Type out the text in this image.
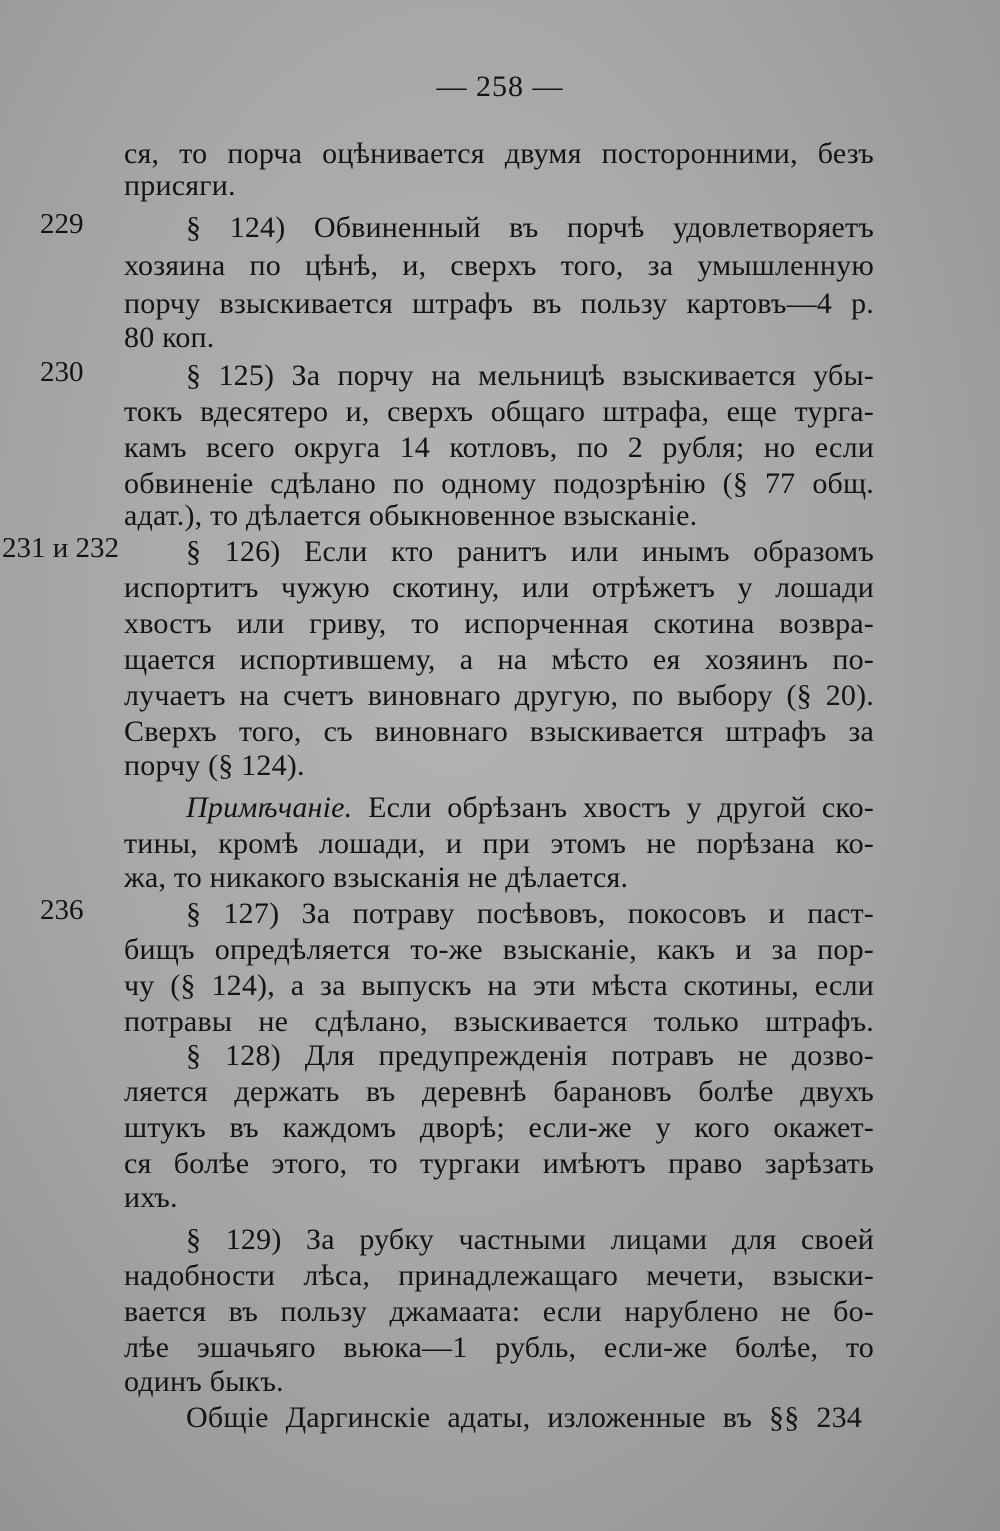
— 258 —
229
230
231 и 232
236
ся, то порча оцѣнивается двумя посторонними, безъ
присяги.
§ 124) Обвиненный въ порчѣ удовлетворяетъ
хозяина по цѣнѣ, и, сверхъ того, за умышленную
порчу взыскивается штрафъ въ пользу картовъ—4 р.
80 коп.
§ 125) За порчу на мельницѣ взыскивается убы-
токъ вдесятеро и, сверхъ общаго штрафа, еще турга-
камъ всего округа 14 котловъ, по 2 рубля; но если
обвиненіе сдѣлано по одному подозрѣнію (§ 77 общ.
адат.), то дѣлается обыкновенное взысканіе.
§ 126) Если кто ранитъ или инымъ образомъ
испортитъ чужую скотину, или отрѣжетъ у лошади
хвостъ или гриву, то испорченная скотина возвра-
щается испортившему, а на мѣсто ея хозяинъ по-
лучаетъ на счетъ виновнаго другую, по выбору (§ 20).
Сверхъ того, съ виновнаго взыскивается штрафъ за
порчу (§ 124).
Примѣчаніе. Если обрѣзанъ хвостъ у другой ско-
тины, кромѣ лошади, и при этомъ не порѣзана ко-
жа, то никакого взысканія не дѣлается.
§ 127) За потраву посѣвовъ, покосовъ и паст-
бищъ опредѣляется то-же взысканіе, какъ и за пор-
чу (§ 124), а за выпускъ на эти мѣста скотины, если
потравы не сдѣлано, взыскивается только штрафъ.
§ 128) Для предупрежденія потравъ не дозво-
ляется держать въ деревнѣ барановъ болѣе двухъ
штукъ въ каждомъ дворѣ; если-же у кого окажет-
ся болѣе этого, то тургаки имѣютъ право зарѣзать
ихъ.
§ 129) За рубку частными лицами для своей
надобности лѣса, принадлежащаго мечети, взыски-
вается въ пользу джамаата: если нарублено не бо-
лѣе эшачьяго вьюка—1 рубль, если-же болѣе, то
одинъ быкъ.
Общіе Даргинскіе адаты, изложенные въ §§ 234
